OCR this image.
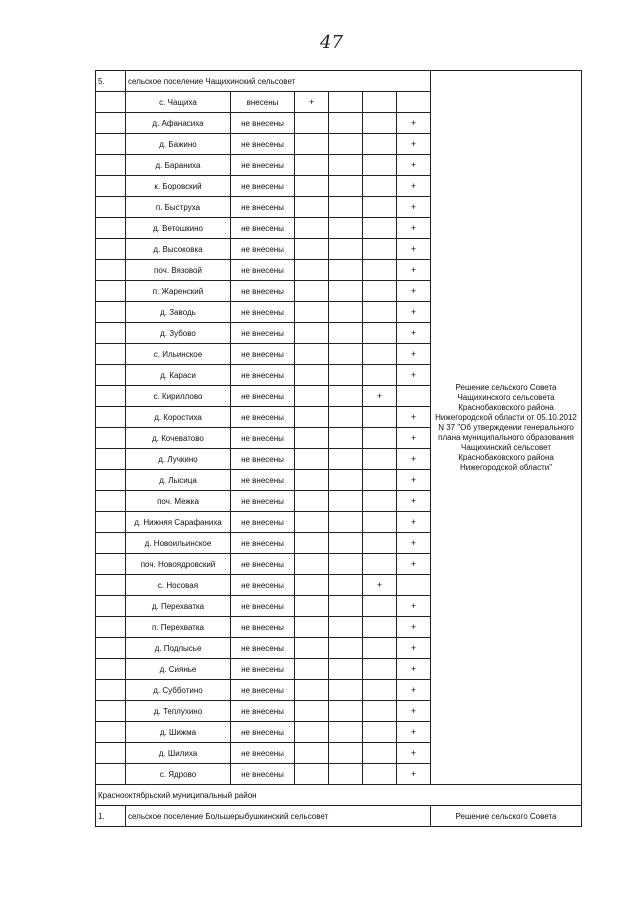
47
5.	сельское поселение Чащихинский сельсовет						Решение сельского Совета Чащихинского сельсовета Краснобаковского района Нижегородской области от 05.10.2012 N 37 "Об утверждении генерального плана муниципального образования Чащихинский сельсовет Краснобаковского района Нижегородской области"
	с. Чащиха	внесены	+				
	д. Афанасиха	не внесены				+	
	д. Бажино	не внесены				+	
	д. Бараниха	не внесены				+	
	к. Боровский	не внесены				+	
	п. Быструха	не внесены				+	
	д. Ветошкино	не внесены				+	
	д. Высоковка	не внесены				+	
	поч. Вязовой	не внесены				+	
	п. Жаренский	не внесены				+	
	д. Заводь	не внесены				+	
	д. Зубово	не внесены				+	
	с. Ильинское	не внесены				+	
	д. Караси	не внесены				+	
	с. Кириллово	не внесены			+		
	д. Коростиха	не внесены				+	
	д. Кочеватово	не внесены				+	
	д. Лучкино	не внесены				+	
	д. Лысица	не внесены				+	
	поч. Межка	не внесены				+	
	д. Нижняя Сарафаниха	не внесены				+	
	д. Новоильинское	не внесены				+	
	поч. Новоядровский	не внесены				+	
	с. Носовая	не внесены			+		
	д. Перехватка	не внесены				+	
	п. Перехватка	не внесены				+	
	д. Подлысье	не внесены				+	
	д. Сиянье	не внесены				+	
	д. Субботино	не внесены				+	
	д. Теплухино	не внесены				+	
	д. Шижма	не внесены				+	
	д. Шилиха	не внесены				+	
	с. Ядрово	не внесены				+	
Краснооктябрьский муниципальный район							
1.	сельское поселение Большерыбушкинский сельсовет						Решение сельского Совета
